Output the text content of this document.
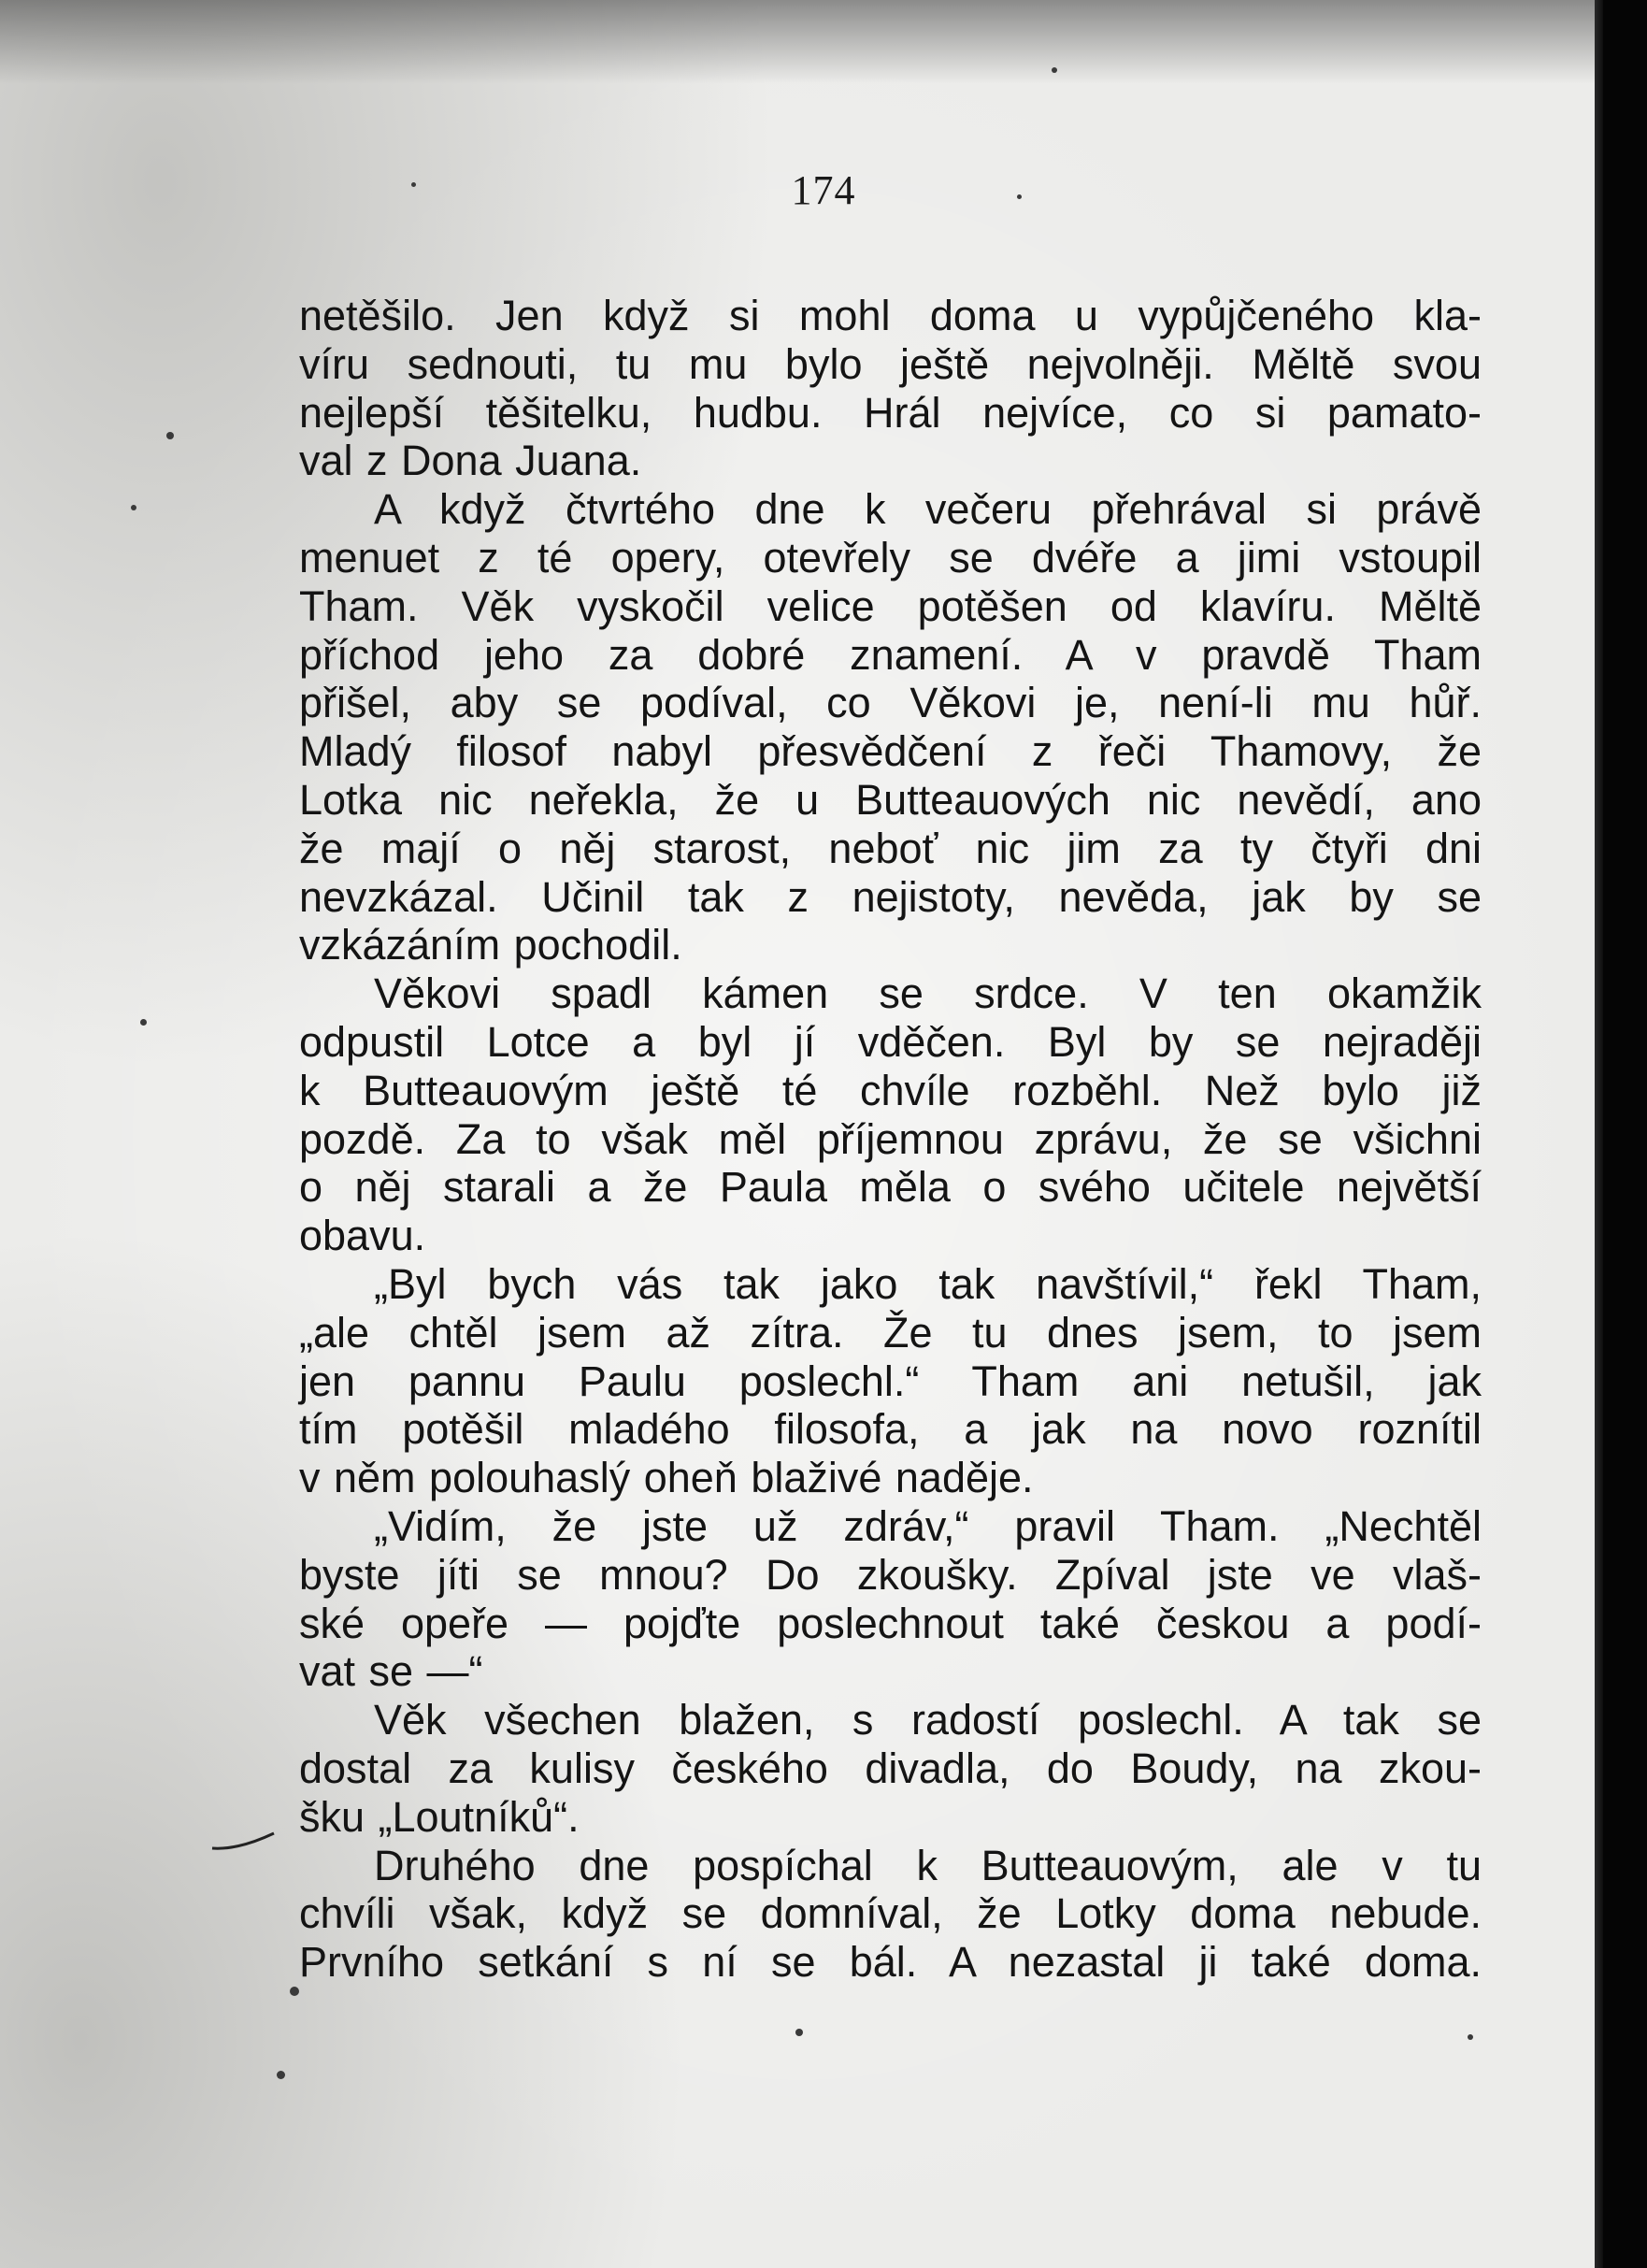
174
netěšilo. Jen když si mohl doma u vypůjčeného kla-
víru sednouti, tu mu bylo ještě nejvolněji. Měltě svou
nejlepší těšitelku, hudbu. Hrál nejvíce, co si pamato-
val z Dona Juana.
A když čtvrtého dne k večeru přehrával si právě
menuet z té opery, otevřely se dvéře a jimi vstoupil
Tham. Věk vyskočil velice potěšen od klavíru. Měltě
příchod jeho za dobré znamení. A v pravdě Tham
přišel, aby se podíval, co Věkovi je, není-li mu hůř.
Mladý filosof nabyl přesvědčení z řeči Thamovy, že
Lotka nic neřekla, že u Butteauových nic nevědí, ano
že mají o něj starost, neboť nic jim za ty čtyři dni
nevzkázal. Učinil tak z nejistoty, nevěda, jak by se
vzkázáním pochodil.
Věkovi spadl kámen se srdce. V ten okamžik
odpustil Lotce a byl jí vděčen. Byl by se nejraději
k Butteauovým ještě té chvíle rozběhl. Než bylo již
pozdě. Za to však měl příjemnou zprávu, že se všichni
o něj starali a že Paula měla o svého učitele největší
obavu.
„Byl bych vás tak jako tak navštívil,“ řekl Tham,
„ale chtěl jsem až zítra. Že tu dnes jsem, to jsem
jen pannu Paulu poslechl.“ Tham ani netušil, jak
tím potěšil mladého filosofa, a jak na novo roznítil
v něm polouhaslý oheň blaživé naděje.
„Vidím, že jste už zdráv,“ pravil Tham. „Nechtěl
byste jíti se mnou? Do zkoušky. Zpíval jste ve vlaš-
ské opeře — pojďte poslechnout také českou a podí-
vat se —“
Věk všechen blažen, s radostí poslechl. A tak se
dostal za kulisy českého divadla, do Boudy, na zkou-
šku „Loutníků“.
Druhého dne pospíchal k Butteauovým, ale v tu
chvíli však, když se domníval, že Lotky doma nebude.
Prvního setkání s ní se bál. A nezastal ji také doma.
